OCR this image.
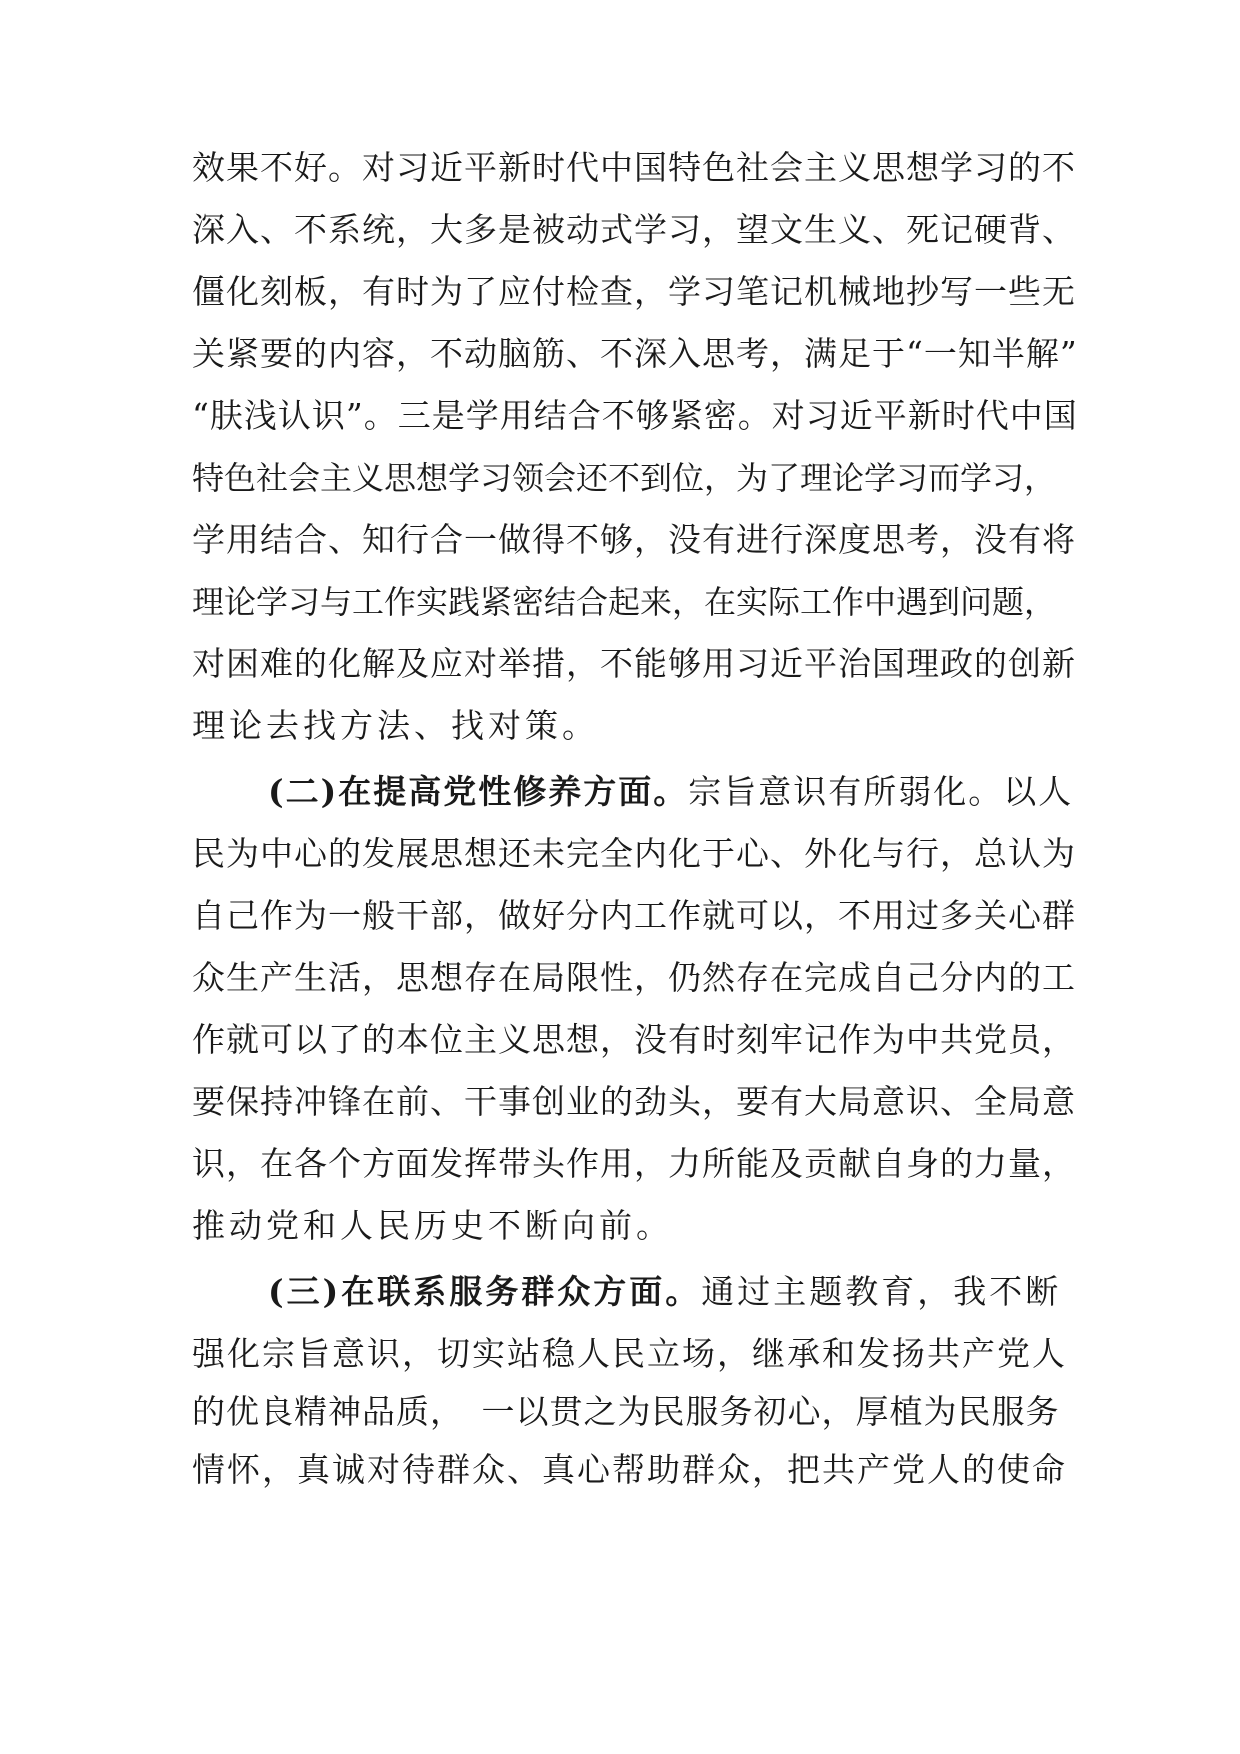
效果不好。对习近平新时代中国特色社会主义思想学习的不
深入、不系统，大多是被动式学习，望文生义、死记硬背、
僵化刻板，有时为了应付检查，学习笔记机械地抄写一些无
关紧要的内容，不动脑筋、不深入思考，满足于“一知半解”
“肤浅认识”。三是学用结合不够紧密。对习近平新时代中国
特色社会主义思想学习领会还不到位，为了理论学习而学习，
学用结合、知行合一做得不够，没有进行深度思考，没有将
理论学习与工作实践紧密结合起来，在实际工作中遇到问题，
对困难的化解及应对举措，不能够用习近平治国理政的创新
理论去找方法、找对策。
(二)在提高党性修养方面。宗旨意识有所弱化。以人
民为中心的发展思想还未完全内化于心、外化与行，总认为
自己作为一般干部，做好分内工作就可以，不用过多关心群
众生产生活，思想存在局限性，仍然存在完成自己分内的工
作就可以了的本位主义思想，没有时刻牢记作为中共党员，
要保持冲锋在前、干事创业的劲头，要有大局意识、全局意
识，在各个方面发挥带头作用，力所能及贡献自身的力量，
推动党和人民历史不断向前。
(三)在联系服务群众方面。通过主题教育，我不断
强化宗旨意识，切实站稳人民立场，继承和发扬共产党人
的优良精神品质，　一以贯之为民服务初心，厚植为民服务
情怀，真诚对待群众、真心帮助群众，把共产党人的使命
